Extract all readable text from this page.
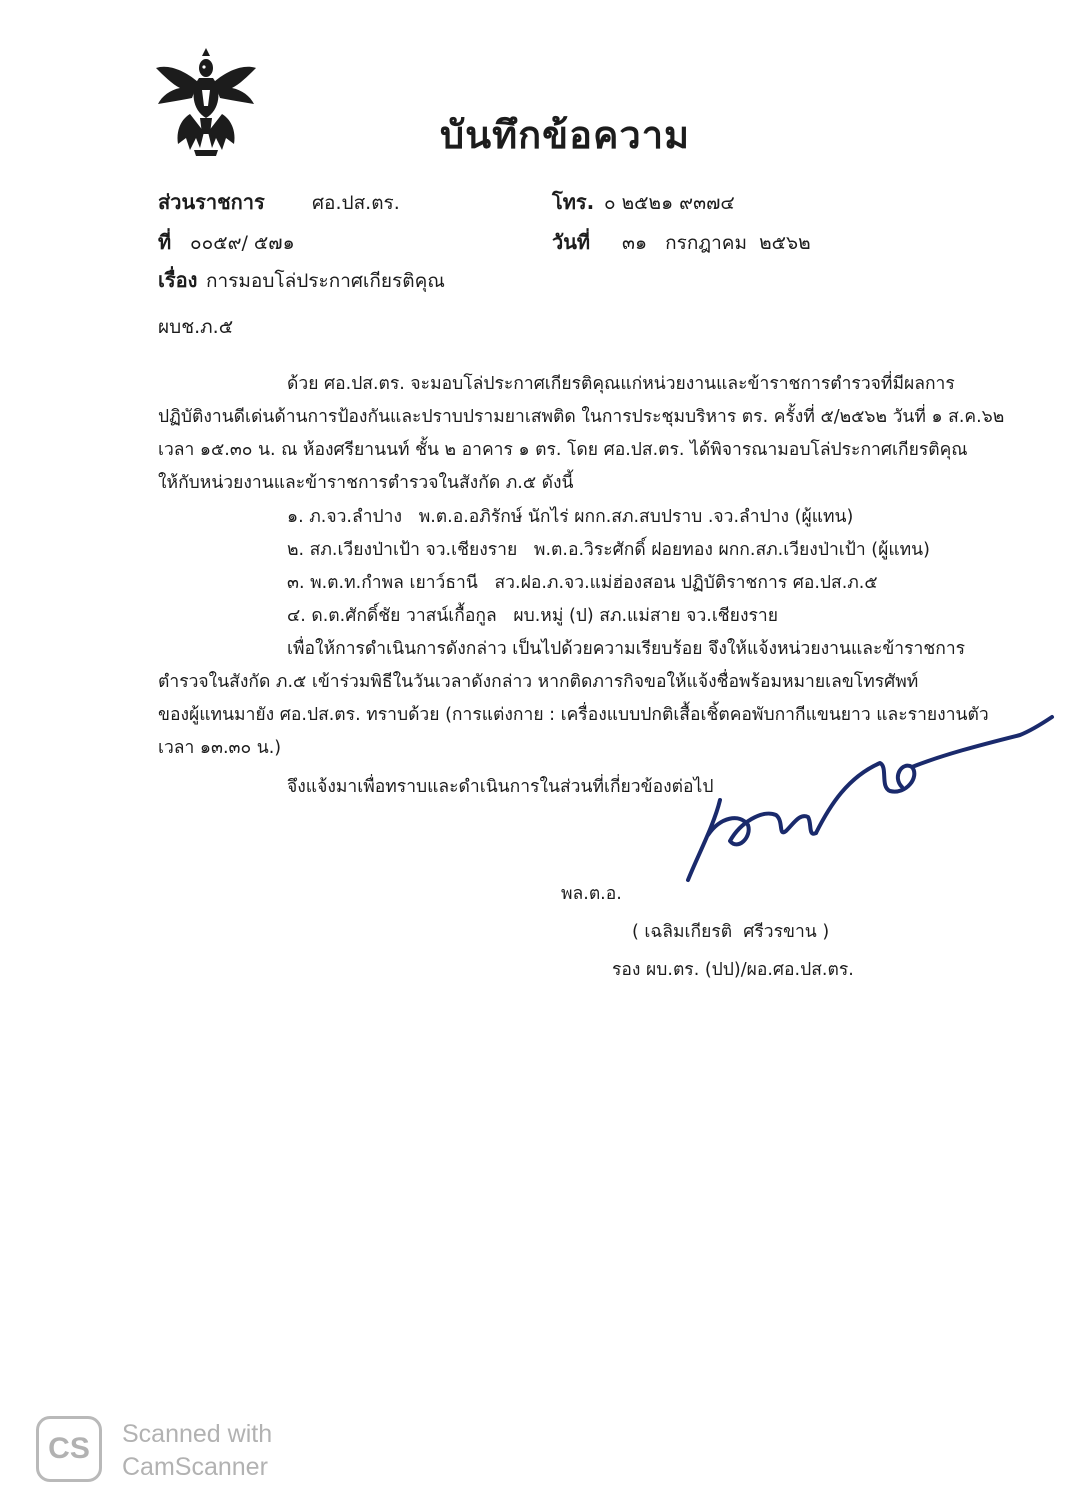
บันทึกข้อความ
ส่วนราชการ ศอ.ปส.ตร.	โทร. ๐ ๒๕๒๑ ๙๓๗๔
ที่ ๐๐๕๙/ ๕๗๑	วันที่ ๓๑   กรกฎาคม  ๒๕๖๒
เรื่อง การมอบโล่ประกาศเกียรติคุณ
ผบช.ภ.๕
ด้วย ศอ.ปส.ตร. จะมอบโล่ประกาศเกียรติคุณแก่หน่วยงานและข้าราชการตำรวจที่มีผลการ
ปฏิบัติงานดีเด่นด้านการป้องกันและปราบปรามยาเสพติด ในการประชุมบริหาร ตร. ครั้งที่ ๕/๒๕๖๒ วันที่ ๑ ส.ค.๖๒
เวลา ๑๕.๓๐ น. ณ ห้องศรียานนท์ ชั้น ๒ อาคาร ๑ ตร. โดย ศอ.ปส.ตร. ได้พิจารณามอบโล่ประกาศเกียรติคุณ
ให้กับหน่วยงานและข้าราชการตำรวจในสังกัด ภ.๕ ดังนี้
๑. ภ.จว.ลำปาง   พ.ต.อ.อภิรักษ์ นักไร่ ผกก.สภ.สบปราบ .จว.ลำปาง (ผู้แทน)
๒. สภ.เวียงป่าเป้า จว.เชียงราย   พ.ต.อ.วิระศักดิ์ ฝอยทอง ผกก.สภ.เวียงป่าเป้า (ผู้แทน)
๓. พ.ต.ท.กำพล เยาว์ธานี   สว.ฝอ.ภ.จว.แม่ฮ่องสอน ปฏิบัติราชการ ศอ.ปส.ภ.๕
๔. ด.ต.ศักดิ์ชัย วาสน์เกื้อกูล   ผบ.หมู่ (ป) สภ.แม่สาย จว.เชียงราย
เพื่อให้การดำเนินการดังกล่าว เป็นไปด้วยความเรียบร้อย จึงให้แจ้งหน่วยงานและข้าราชการ
ตำรวจในสังกัด ภ.๕ เข้าร่วมพิธีในวันเวลาดังกล่าว หากติดภารกิจขอให้แจ้งชื่อพร้อมหมายเลขโทรศัพท์
ของผู้แทนมายัง ศอ.ปส.ตร. ทราบด้วย (การแต่งกาย : เครื่องแบบปกติเสื้อเชิ้ตคอพับกากีแขนยาว และรายงานตัว
เวลา ๑๓.๓๐ น.)
จึงแจ้งมาเพื่อทราบและดำเนินการในส่วนที่เกี่ยวข้องต่อไป
พล.ต.อ.
( เฉลิมเกียรติ  ศรีวรขาน )
รอง ผบ.ตร. (ปป)/ผอ.ศอ.ปส.ตร.
CS	Scanned with
CamScanner
